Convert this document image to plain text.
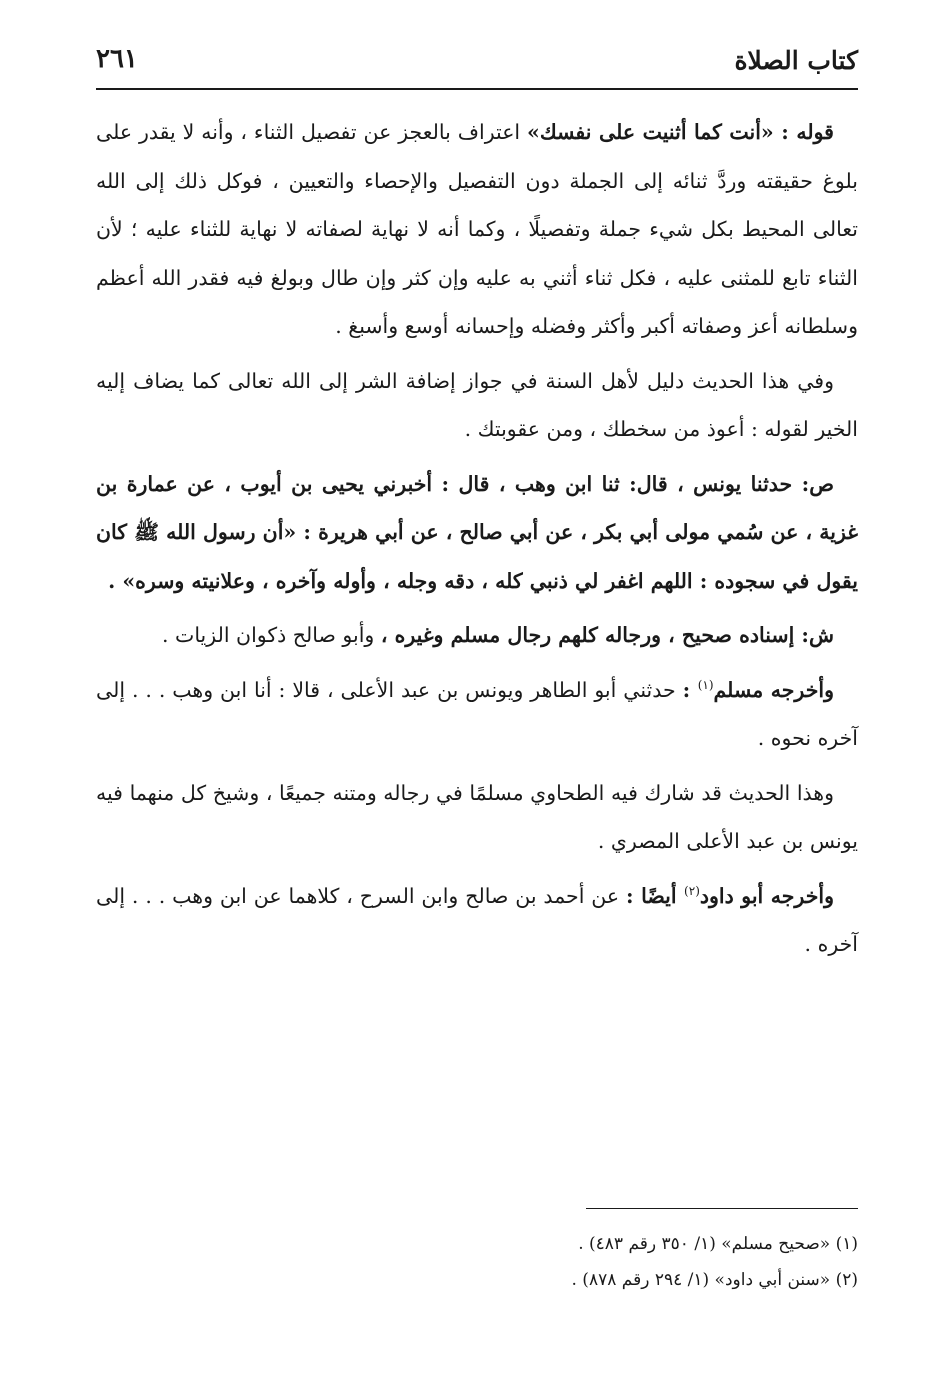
كتاب الصلاة
٢٦١

قوله : «أنت كما أثنيت على نفسك» اعتراف بالعجز عن تفصيل الثناء ، وأنه لا يقدر على بلوغ حقيقته وردَّ ثنائه إلى الجملة دون التفصيل والإحصاء والتعيين ، فوكل ذلك إلى الله تعالى المحيط بكل شيء جملة وتفصيلًا ، وكما أنه لا نهاية لصفاته لا نهاية للثناء عليه ؛ لأن الثناء تابع للمثنى عليه ، فكل ثناء أثني به عليه وإن كثر وإن طال وبولغ فيه فقدر الله أعظم وسلطانه أعز وصفاته أكبر وأكثر وفضله وإحسانه أوسع وأسبغ .

وفي هذا الحديث دليل لأهل السنة في جواز إضافة الشر إلى الله تعالى كما يضاف إليه الخير لقوله : أعوذ من سخطك ، ومن عقوبتك .

ص: حدثنا يونس ، قال: ثنا ابن وهب ، قال : أخبرني يحيى بن أيوب ، عن عمارة بن غزية ، عن سُمي مولى أبي بكر ، عن أبي صالح ، عن أبي هريرة : «أن رسول الله ﷺ كان يقول في سجوده : اللهم اغفر لي ذنبي كله ، دقه وجله ، وأوله وآخره ، وعلانيته وسره» .

ش: إسناده صحيح ، ورجاله كلهم رجال مسلم وغيره ، وأبو صالح ذكوان الزيات .

وأخرجه مسلم$^{(١)}$ : حدثني أبو الطاهر ويونس بن عبد الأعلى ، قالا : أنا ابن وهب . . . إلى آخره نحوه .

وهذا الحديث قد شارك فيه الطحاوي مسلمًا في رجاله ومتنه جميعًا ، وشيخ كل منهما فيه يونس بن عبد الأعلى المصري .

وأخرجه أبو داود$^{(٢)}$ أيضًا : عن أحمد بن صالح وابن السرح ، كلاهما عن ابن وهب . . . إلى آخره .

(١) «صحيح مسلم» (١/ ٣٥٠ رقم ٤٨٣) .
(٢) «سنن أبي داود» (١/ ٢٩٤ رقم ٨٧٨) .
